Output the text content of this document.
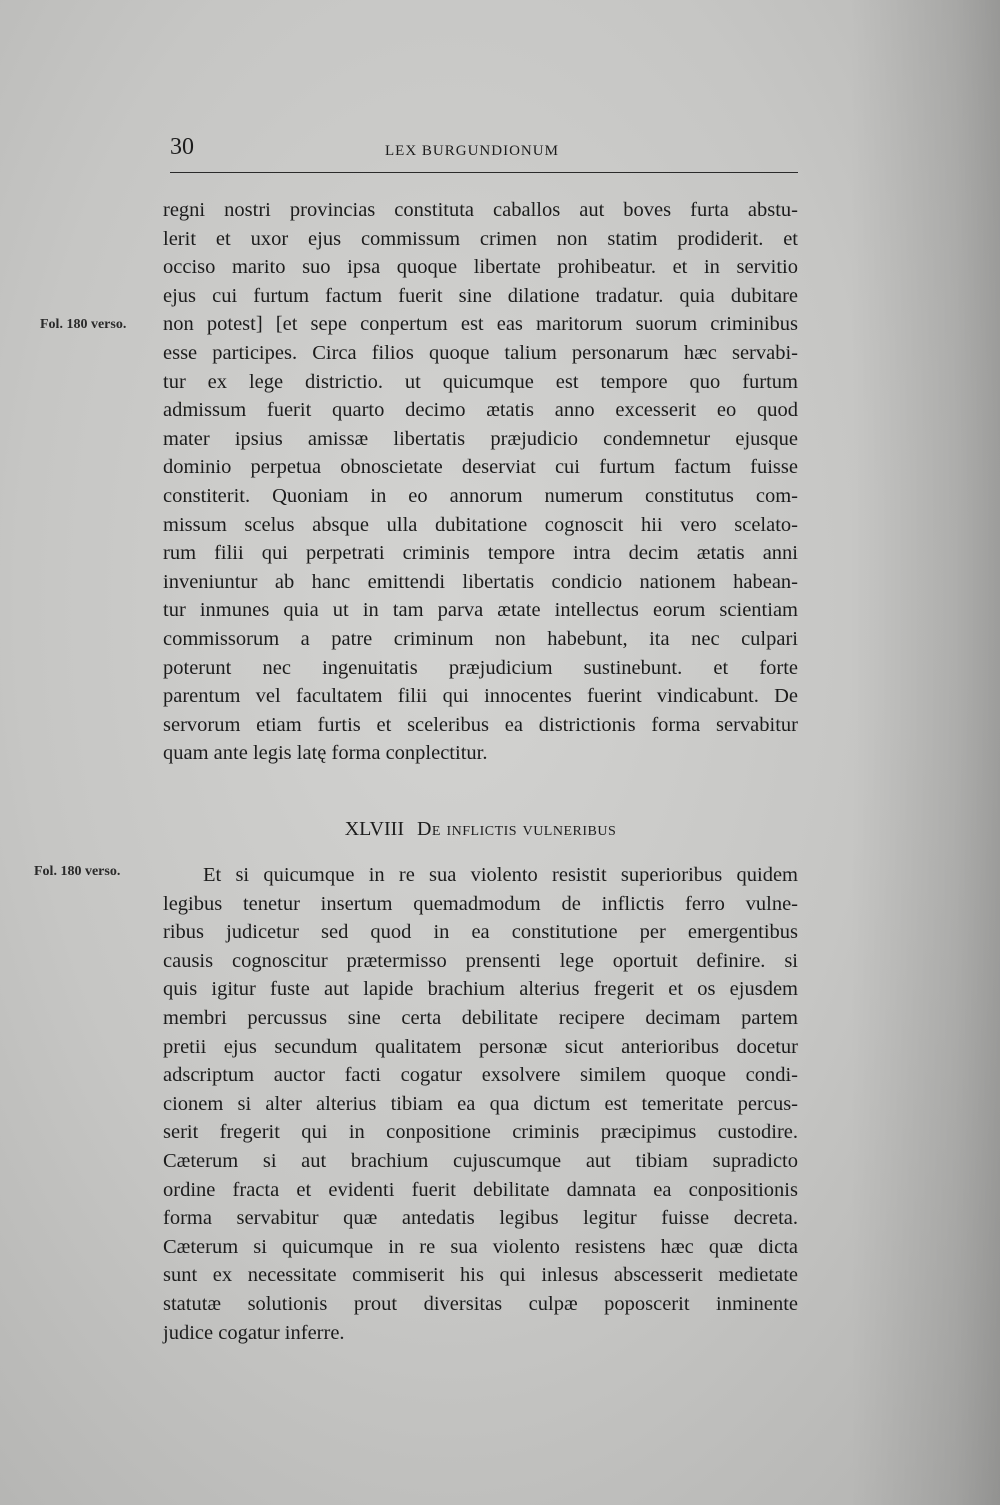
30	LEX BURGUNDIONUM
Fol. 180 verso.
Fol. 180 verso.
regni nostri provincias constituta caballos aut boves furta abstu-
lerit et uxor ejus commissum crimen non statim prodiderit. et
occiso marito suo ipsa quoque libertate prohibeatur. et in servitio
ejus cui furtum factum fuerit sine dilatione tradatur. quia dubitare
non potest] [et sepe conpertum est eas maritorum suorum criminibus
esse participes. Circa filios quoque talium personarum hæc servabi-
tur ex lege districtio. ut quicumque est tempore quo furtum
admissum fuerit quarto decimo ætatis anno excesserit eo quod
mater ipsius amissæ libertatis præjudicio condemnetur ejusque
dominio perpetua obnoscietate deserviat cui furtum factum fuisse
constiterit. Quoniam in eo annorum numerum constitutus com-
missum scelus absque ulla dubitatione cognoscit hii vero scelato-
rum filii qui perpetrati criminis tempore intra decim ætatis anni
inveniuntur ab hanc emittendi libertatis condicio nationem habean-
tur inmunes quia ut in tam parva ætate intellectus eorum scientiam
commissorum a patre criminum non habebunt, ita nec culpari
poterunt nec ingenuitatis præjudicium sustinebunt. et forte
parentum vel facultatem filii qui innocentes fuerint vindicabunt. De
servorum etiam furtis et sceleribus ea districtionis forma servabitur
quam ante legis latę forma conplectitur.
XLVIII De inflictis vulneribus
Et si quicumque in re sua violento resistit superioribus quidem
legibus tenetur insertum quemadmodum de inflictis ferro vulne-
ribus judicetur sed quod in ea constitutione per emergentibus
causis cognoscitur prætermisso prensenti lege oportuit definire. si
quis igitur fuste aut lapide brachium alterius fregerit et os ejusdem
membri percussus sine certa debilitate recipere decimam partem
pretii ejus secundum qualitatem personæ sicut anterioribus docetur
adscriptum auctor facti cogatur exsolvere similem quoque condi-
cionem si alter alterius tibiam ea qua dictum est temeritate percus-
serit fregerit qui in conpositione criminis præcipimus custodire.
Cæterum si aut brachium cujuscumque aut tibiam supradicto
ordine fracta et evidenti fuerit debilitate damnata ea conpositionis
forma servabitur quæ antedatis legibus legitur fuisse decreta.
Cæterum si quicumque in re sua violento resistens hæc quæ dicta
sunt ex necessitate commiserit his qui inlesus abscesserit medietate
statutæ solutionis prout diversitas culpæ poposcerit inminente
judice cogatur inferre.
